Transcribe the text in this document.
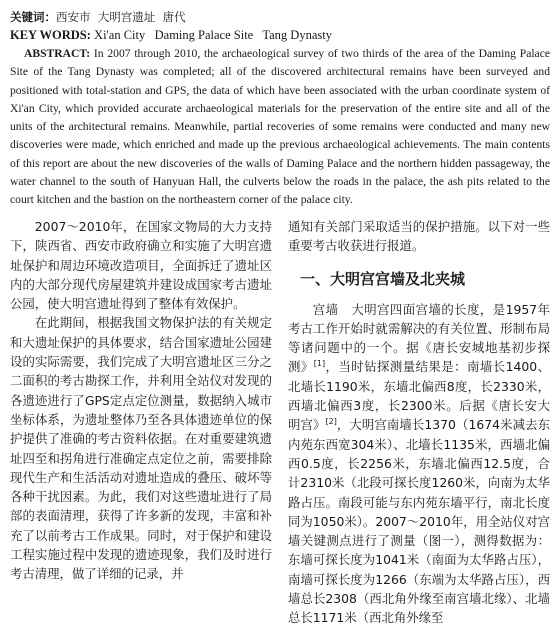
关键词：西安市  大明宫遗址  唐代
KEY WORDS: Xi'an City   Daming Palace Site   Tang Dynasty

ABSTRACT: In 2007 through 2010, the archaeological survey of two thirds of the area of the Daming Palace Site of the Tang Dynasty was completed; all of the discovered architectural remains have been surveyed and positioned with total-station and GPS, the data of which have been associated with the urban coordinate system of Xi'an City, which provided accurate archaeological materials for the preservation of the entire site and all of the units of the architectural remains. Meanwhile, partial recoveries of some remains were conducted and many new discoveries were made, which enriched and made up the previous archaeological achievements. The main contents of this report are about the new discoveries of the walls of Daming Palace and the northern hidden passageway, the water channel to the south of Hanyuan Hall, the culverts below the roads in the palace, the ash pits related to the court kitchen and the bastion on the northeastern corner of the palace city.

2007～2010年，在国家文物局的大力支持下，陕西省、西安市政府确立和实施了大明宫遗址保护和周边环境改造项目，全面拆迁了遗址区内的大部分现代房屋建筑并建设成国家考古遗址公园，使大明宫遗址得到了整体有效保护。

在此期间，根据我国文物保护法的有关规定和大遗址保护的具体要求，结合国家遗址公园建设的实际需要，我们完成了大明宫遗址区三分之二面积的考古勘探工作，并利用全站仪对发现的各遗迹进行了GPS定点定位测量，数据纳入城市坐标体系，为遗址整体乃至各具体遗迹单位的保护提供了准确的考古资料依据。在对重要建筑遗址四至和拐角进行准确定点定位之前，需要排除现代生产和生活活动对遗址造成的叠压、破坏等各种干扰因素。为此，我们对这些遗址进行了局部的表面清理，获得了许多新的发现，丰富和补充了以前考古工作成果。同时，对于保护和建设工程实施过程中发现的遗迹现象，我们及时进行考古清理，做了详细的记录，并

通知有关部门采取适当的保护措施。以下对一些重要考古收获进行报道。

一、大明宫宫墙及北夹城

宫墙　大明宫四面宫墙的长度，是1957年考古工作开始时就需解决的有关位置、形制布局等诸问题中的一个。据《唐长安城地基初步探测》[1]，当时钻探测量结果是：南墙长1400、北墙长1190米，东墙北偏西8度，长2330米，西墙北偏西3度，长2300米。后据《唐长安大明宫》[2]，大明宫南墙长1370（1674米减去东内苑东西宽304米）、北墙长1135米，西墙北偏西0.5度，长2256米，东墙北偏西12.5度，合计2310米（北段可探长度1260米，向南为太华路占压。南段可能与东内苑东墙平行，南北长度同为1050米）。2007～2010年，用全站仪对宫墙关键测点进行了测量（图一），测得数据为：东墙可探长度为1041米（南面为太华路占压），南墙可探长度为1266（东端为太华路占压），西墙总长2308（西北角外缘至南宫墙北缘）、北墙总长1171米（西北角外缘至
